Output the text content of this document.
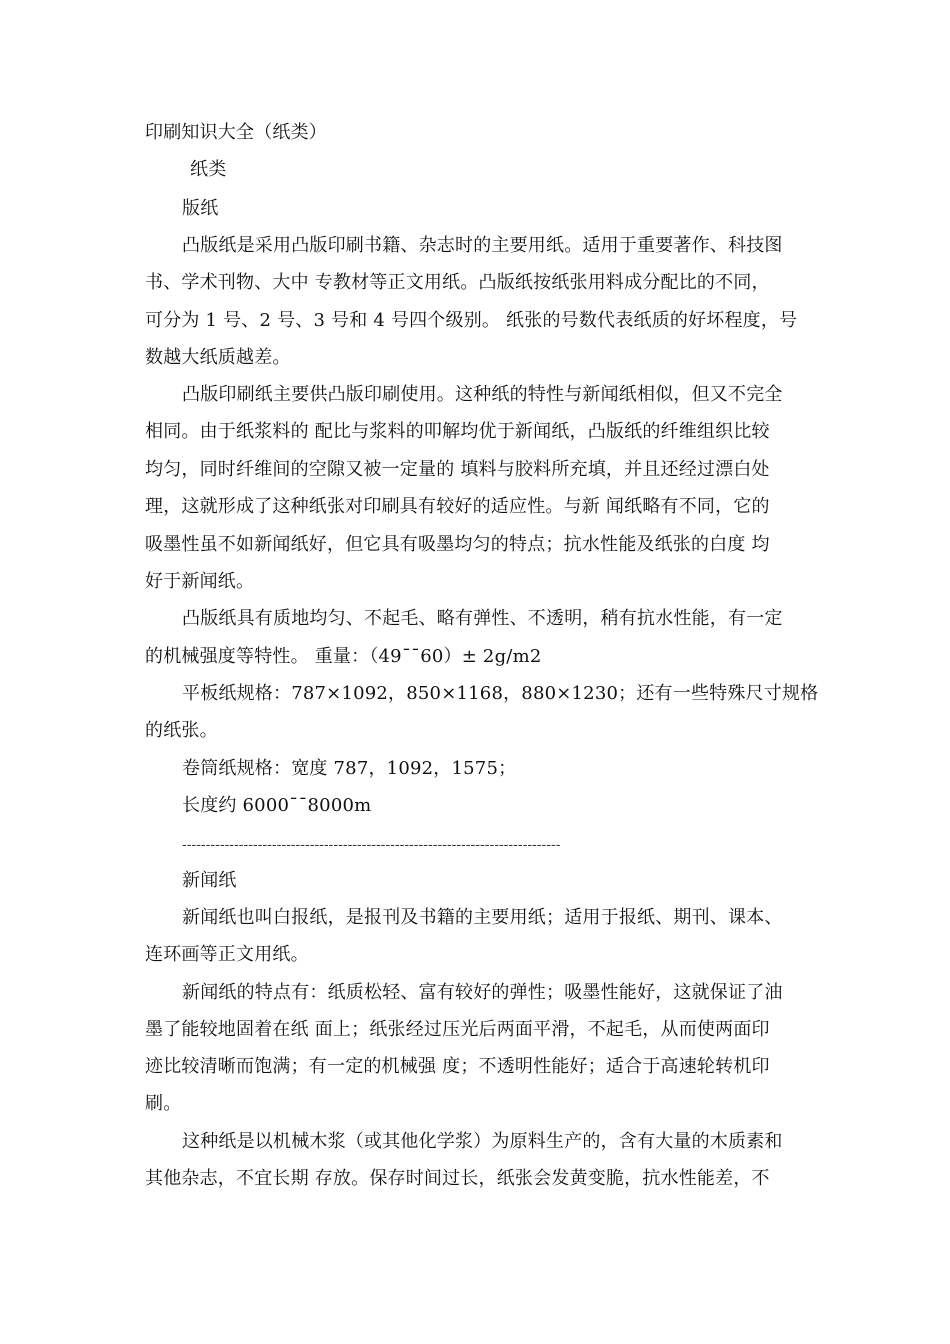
印刷知识大全（纸类）
纸类
版纸
凸版纸是采用凸版印刷书籍、杂志时的主要用纸。适用于重要著作、科技图
书、学术刊物、大中 专教材等正文用纸。凸版纸按纸张用料成分配比的不同，
可分为 1 号、2 号、3 号和 4 号四个级别。 纸张的号数代表纸质的好坏程度，号
数越大纸质越差。
凸版印刷纸主要供凸版印刷使用。这种纸的特性与新闻纸相似，但又不完全
相同。由于纸浆料的 配比与浆料的叩解均优于新闻纸，凸版纸的纤维组织比较
均匀，同时纤维间的空隙又被一定量的 填料与胶料所充填，并且还经过漂白处
理，这就形成了这种纸张对印刷具有较好的适应性。与新 闻纸略有不同，它的
吸墨性虽不如新闻纸好，但它具有吸墨均匀的特点；抗水性能及纸张的白度 均
好于新闻纸。
凸版纸具有质地均匀、不起毛、略有弹性、不透明，稍有抗水性能，有一定
的机械强度等特性。 重量：（49¯¯60）± 2g/m2
平板纸规格：787×1092，850×1168，880×1230；还有一些特殊尺寸规格
的纸张。
卷筒纸规格：宽度 787，1092，1575；
长度约 6000¯¯8000m
--------------------------------------------------------------------------------
新闻纸
新闻纸也叫白报纸，是报刊及书籍的主要用纸；适用于报纸、期刊、课本、
连环画等正文用纸。
新闻纸的特点有：纸质松轻、富有较好的弹性；吸墨性能好，这就保证了油
墨了能较地固着在纸 面上；纸张经过压光后两面平滑，不起毛，从而使两面印
迹比较清晰而饱满；有一定的机械强 度；不透明性能好；适合于高速轮转机印
刷。
这种纸是以机械木浆（或其他化学浆）为原料生产的，含有大量的木质素和
其他杂志，不宜长期 存放。保存时间过长，纸张会发黄变脆，抗水性能差，不
